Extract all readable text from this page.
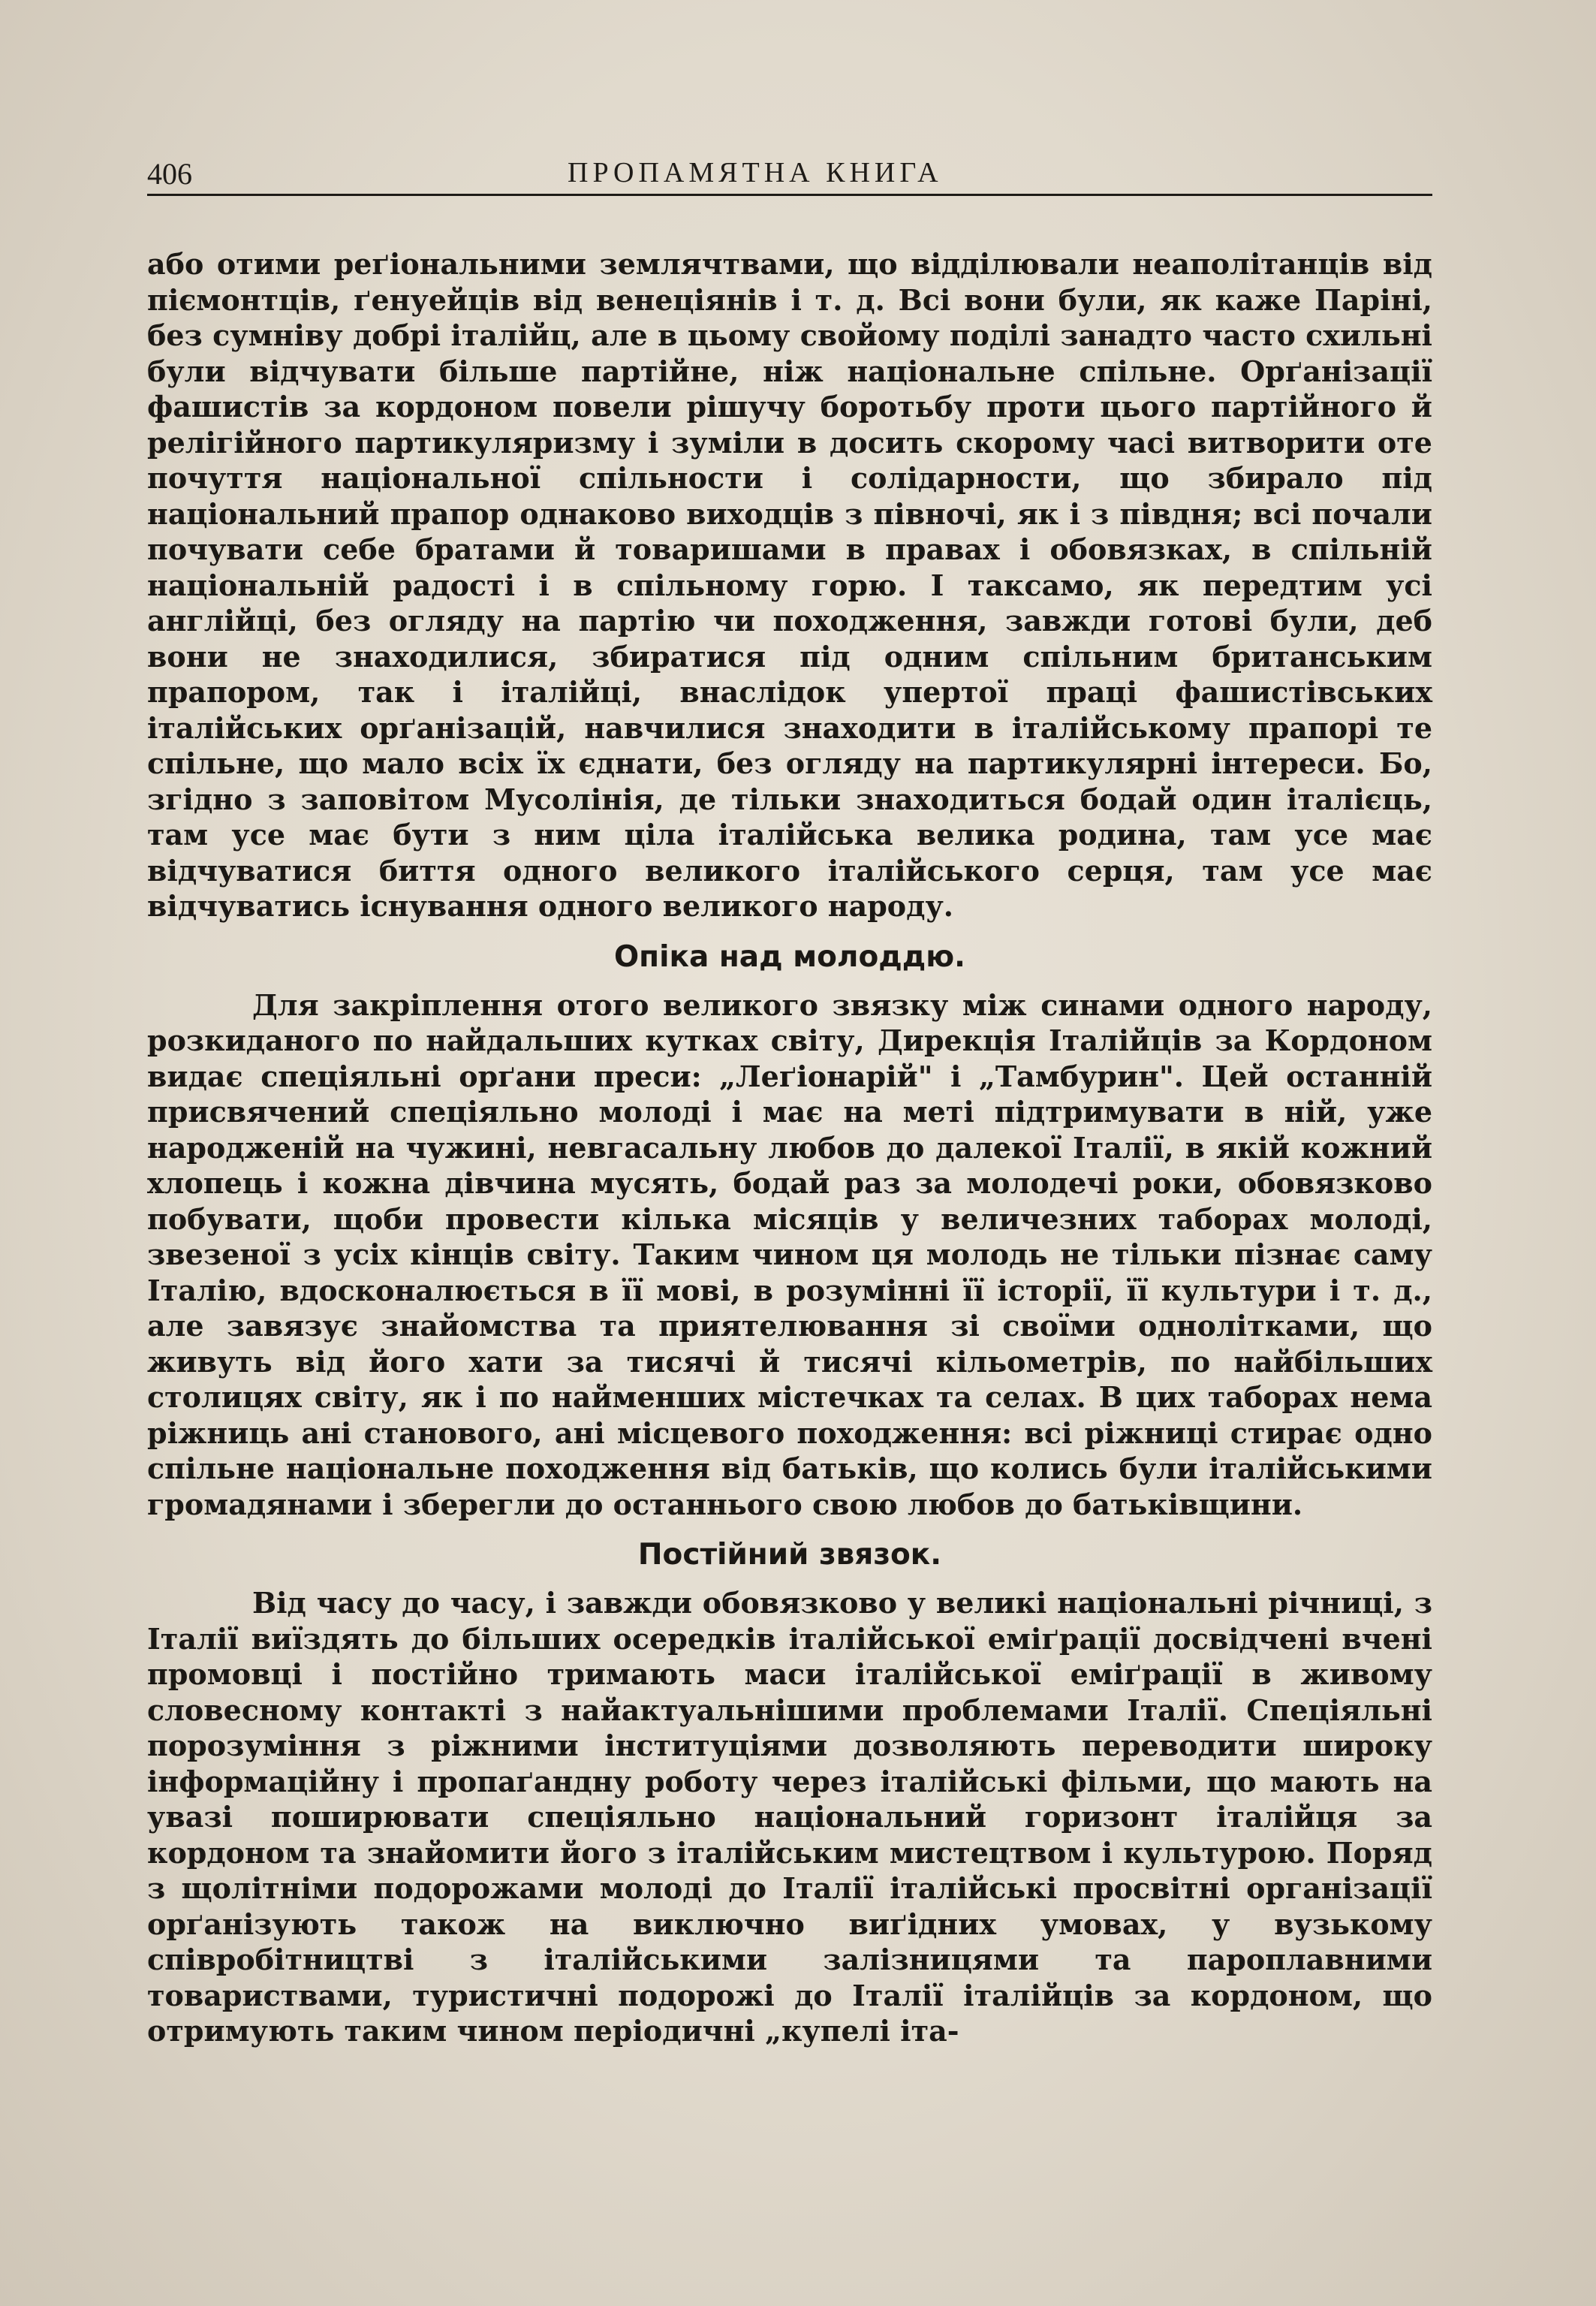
406	ПРОПАМЯТНА КНИГА

або отими реґіональними землячтвами, що відділювали неаполітанців від піємонтців, ґенуейців від венеціянів і т. д. Всі вони були, як каже Паріні, без сумніву добрі італійц, але в цьому свойому поділі занадто часто схильні були відчувати більше партійне, ніж національне спільне. Орґанізації фашистів за кордоном повели рішучу боротьбу проти цього партійного й релігійного партикуляризму і зуміли в досить скорому часі витворити оте почуття національної спільности і солідарности, що збирало під національний прапор однаково виходців з півночі, як і з півдня; всі почали почувати себе братами й товаришами в правах і обовязках, в спільній національній радості і в спільному горю. І таксамо, як передтим усі англійці, без огляду на партію чи походження, завжди готові були, деб вони не знаходилися, збиратися під одним спільним британським прапором, так і італійці, внаслідок упертої праці фашистівських італійських орґанізацій, навчилися знаходити в італійському прапорі те спільне, що мало всіх їх єднати, без огляду на партикулярні інтереси. Бо, згідно з заповітом Мусолінія, де тільки знаходиться бодай один італієць, там усе має бути з ним ціла італійська велика родина, там усе має відчуватися биття одного великого італійського серця, там усе має відчуватись існування одного великого народу.

Опіка над молоддю.

Для закріплення отого великого звязку між синами одного народу, розкиданого по найдальших кутках світу, Дирекція Італійців за Кордоном видає спеціяльні орґани преси: „Леґіонарій" і „Тамбурин". Цей останній присвячений спеціяльно молоді і має на меті підтримувати в ній, уже народженій на чужині, невгасальну любов до далекої Італії, в якій кожний хлопець і кожна дівчина мусять, бодай раз за молодечі роки, обовязково побувати, щоби провести кілька місяців у величезних таборах молоді, звезеної з усіх кінців світу. Таким чином ця молодь не тільки пізнає саму Італію, вдосконалюється в її мові, в розумінні її історії, її культури і т. д., але завязує знайомства та приятелювання зі своїми однолітками, що живуть від його хати за тисячі й тисячі кільометрів, по найбільших столицях світу, як і по найменших містечках та селах. В цих таборах нема ріжниць ані станового, ані місцевого походження: всі ріжниці стирає одно спільне національне походження від батьків, що колись були італійськими громадянами і зберегли до останнього свою любов до батьківщини.

Постійний звязок.

Від часу до часу, і завжди обовязково у великі національні річниці, з Італії виїздять до більших осередків італійської еміґрації досвідчені вчені промовці і постійно тримають маси італійської еміґрації в живому словесному контакті з найактуальнішими проблемами Італії. Спеціяльні порозуміння з ріжними інституціями дозволяють переводити широку інформаційну і пропаґандну роботу через італійські фільми, що мають на увазі поширювати спеціяльно національний горизонт італійця за кордоном та знайомити його з італійським мистецтвом і культурою. Поряд з щолітніми подорожами молоді до Італії італійські просвітні організації орґанізують також на виключно виґідних умовах, у вузькому співробітництві з італійськими залізницями та пароплавними товариствами, туристичні подорожі до Італії італійців за кордоном, що отримують таким чином періодичні „купелі іта-
